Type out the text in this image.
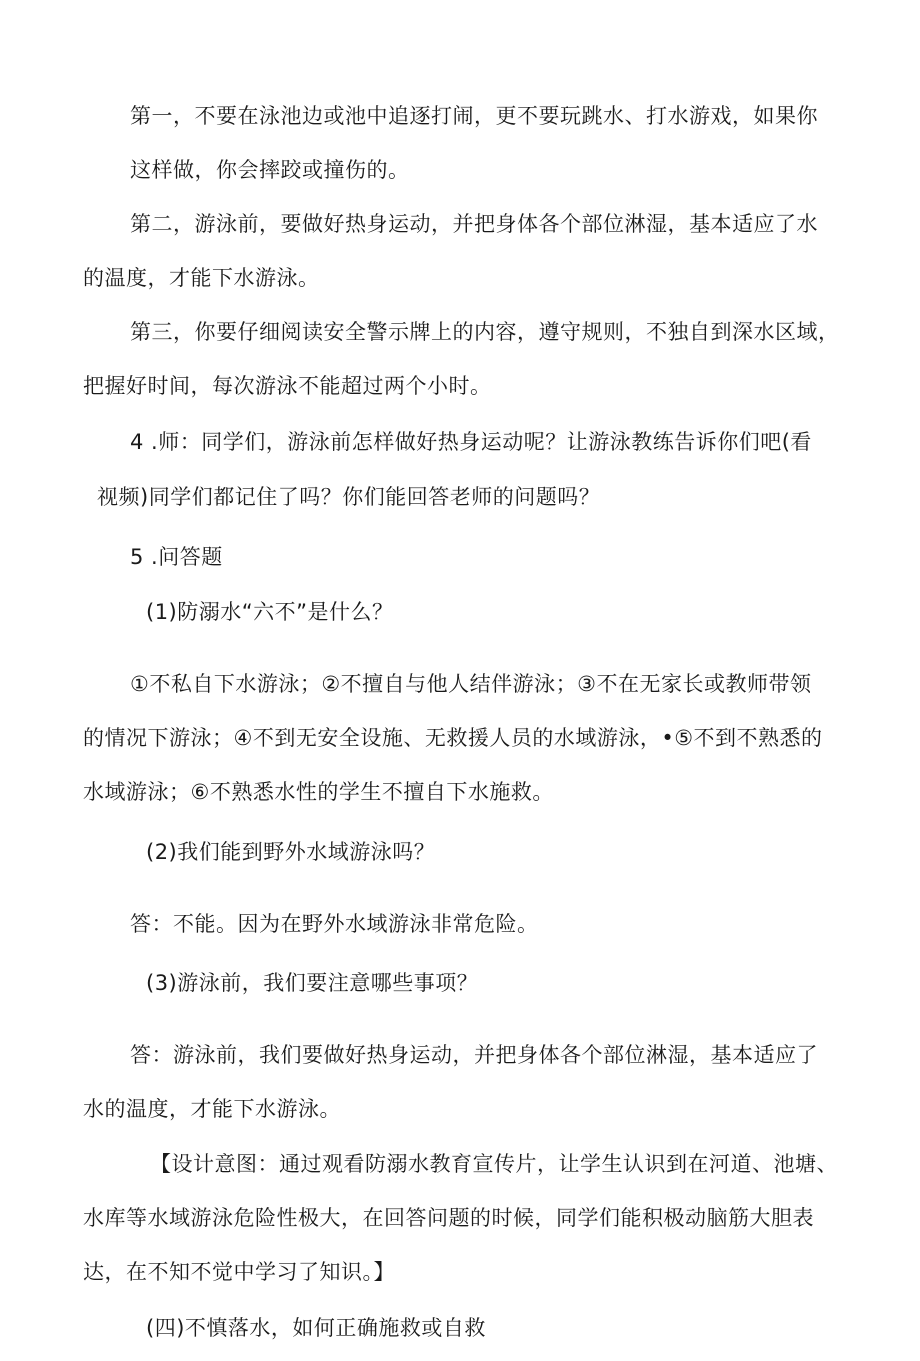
第一，不要在泳池边或池中追逐打闹，更不要玩跳水、打水游戏，如果你
这样做，你会摔跤或撞伤的。
第二，游泳前，要做好热身运动，并把身体各个部位淋湿，基本适应了水
的温度，才能下水游泳。
第三，你要仔细阅读安全警示牌上的内容，遵守规则，不独自到深水区域，
把握好时间，每次游泳不能超过两个小时。
4 .师：同学们，游泳前怎样做好热身运动呢？让游泳教练告诉你们吧(看
视频)同学们都记住了吗？你们能回答老师的问题吗？
5 .问答题
(1)防溺水“六不”是什么？
①不私自下水游泳；②不擅自与他人结伴游泳；③不在无家长或教师带领
的情况下游泳；④不到无安全设施、无救援人员的水域游泳，•⑤不到不熟悉的
水域游泳；⑥不熟悉水性的学生不擅自下水施救。
(2)我们能到野外水域游泳吗？
答：不能。因为在野外水域游泳非常危险。
(3)游泳前，我们要注意哪些事项？
答：游泳前，我们要做好热身运动，并把身体各个部位淋湿，基本适应了
水的温度，才能下水游泳。
【设计意图：通过观看防溺水教育宣传片，让学生认识到在河道、池塘、
水库等水域游泳危险性极大，在回答问题的时候，同学们能积极动脑筋大胆表
达，在不知不觉中学习了知识。】
(四)不慎落水，如何正确施救或自救
